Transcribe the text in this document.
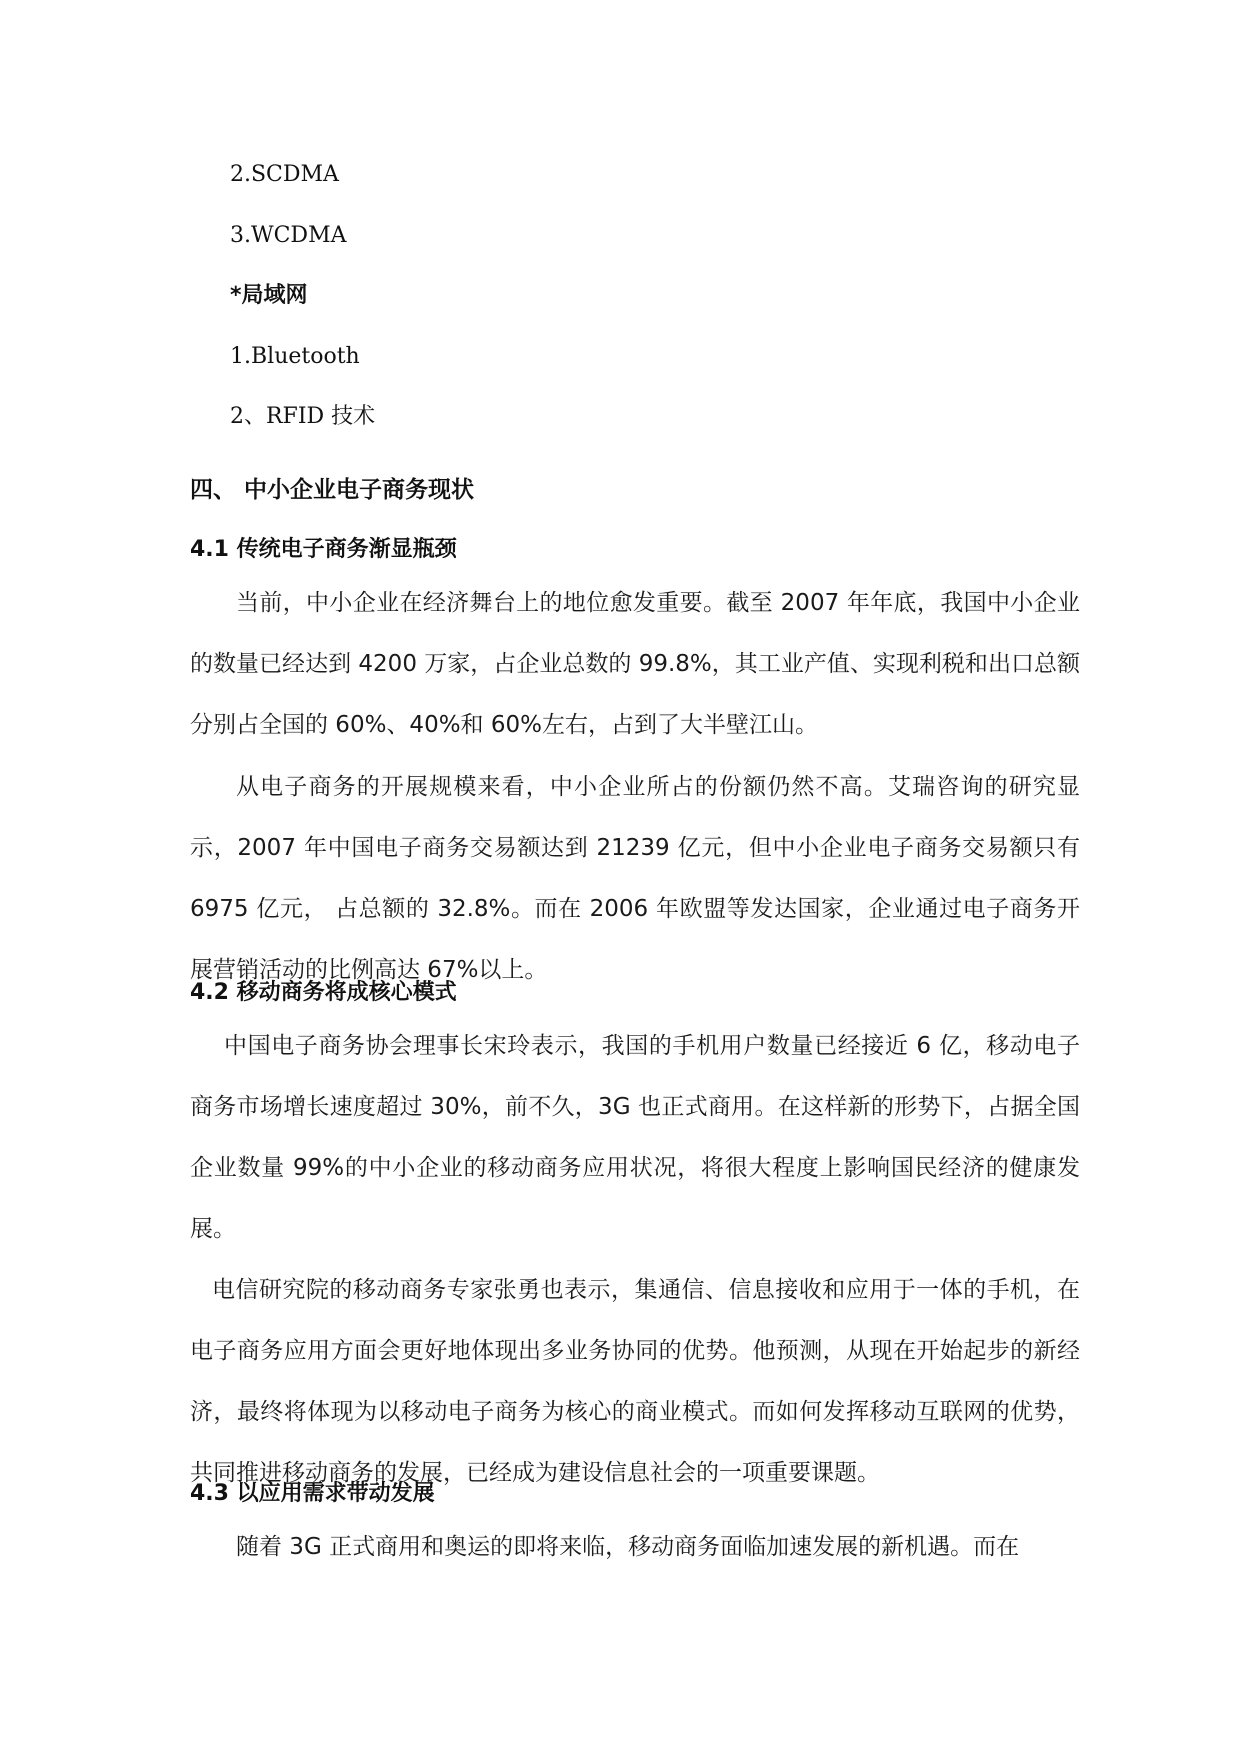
2.SCDMA
3.WCDMA
*局域网
1.Bluetooth
2、RFID 技术
四、 中小企业电子商务现状
4.1 传统电子商务渐显瓶颈
当前，中小企业在经济舞台上的地位愈发重要。截至 2007 年年底，我国中小企业的数量已经达到 4200 万家，占企业总数的 99.8%，其工业产值、实现利税和出口总额分别占全国的 60%、40%和 60%左右，占到了大半壁江山。
从电子商务的开展规模来看，中小企业所占的份额仍然不高。艾瑞咨询的研究显示，2007 年中国电子商务交易额达到 21239 亿元，但中小企业电子商务交易额只有 6975 亿元， 占总额的 32.8%。而在 2006 年欧盟等发达国家，企业通过电子商务开展营销活动的比例高达 67%以上。
4.2 移动商务将成核心模式
中国电子商务协会理事长宋玲表示，我国的手机用户数量已经接近 6 亿，移动电子商务市场增长速度超过 30%，前不久，3G 也正式商用。在这样新的形势下，占据全国企业数量 99%的中小企业的移动商务应用状况，将很大程度上影响国民经济的健康发展。
电信研究院的移动商务专家张勇也表示，集通信、信息接收和应用于一体的手机，在电子商务应用方面会更好地体现出多业务协同的优势。他预测，从现在开始起步的新经济，最终将体现为以移动电子商务为核心的商业模式。而如何发挥移动互联网的优势，共同推进移动商务的发展，已经成为建设信息社会的一项重要课题。
4.3 以应用需求带动发展
随着 3G 正式商用和奥运的即将来临，移动商务面临加速发展的新机遇。而在
